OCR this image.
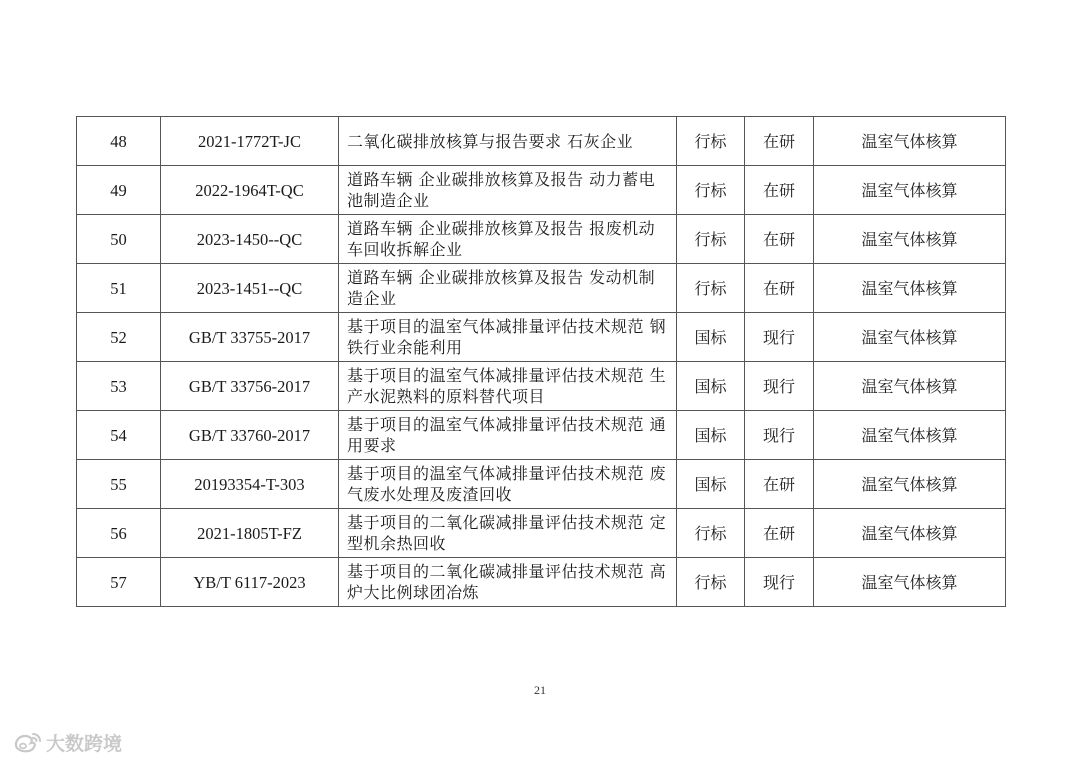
48	2021-1772T-JC	二氧化碳排放核算与报告要求 石灰企业	行标	在研	温室气体核算
49	2022-1964T-QC	道路车辆 企业碳排放核算及报告 动力蓄电池制造企业	行标	在研	温室气体核算
50	2023-1450--QC	道路车辆 企业碳排放核算及报告 报废机动车回收拆解企业	行标	在研	温室气体核算
51	2023-1451--QC	道路车辆 企业碳排放核算及报告 发动机制造企业	行标	在研	温室气体核算
52	GB/T 33755-2017	基于项目的温室气体减排量评估技术规范 钢铁行业余能利用	国标	现行	温室气体核算
53	GB/T 33756-2017	基于项目的温室气体减排量评估技术规范 生产水泥熟料的原料替代项目	国标	现行	温室气体核算
54	GB/T 33760-2017	基于项目的温室气体减排量评估技术规范 通用要求	国标	现行	温室气体核算
55	20193354-T-303	基于项目的温室气体减排量评估技术规范 废气废水处理及废渣回收	国标	在研	温室气体核算
56	2021-1805T-FZ	基于项目的二氧化碳减排量评估技术规范 定型机余热回收	行标	在研	温室气体核算
57	YB/T 6117-2023	基于项目的二氧化碳减排量评估技术规范 高炉大比例球团冶炼	行标	现行	温室气体核算
21
大数跨境
